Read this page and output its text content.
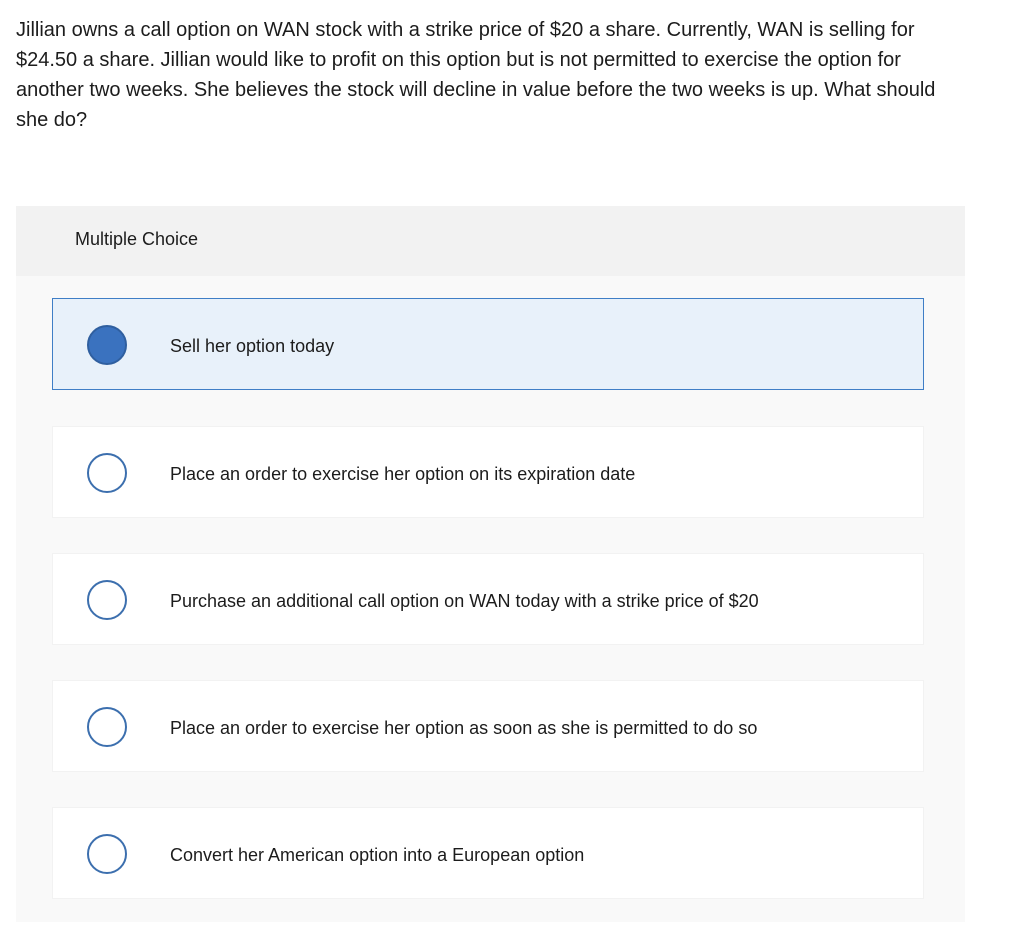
Jillian owns a call option on WAN stock with a strike price of $20 a share. Currently, WAN is selling for $24.50 a share. Jillian would like to profit on this option but is not permitted to exercise the option for another two weeks. She believes the stock will decline in value before the two weeks is up. What should she do?

Multiple Choice
Sell her option today
Place an order to exercise her option on its expiration date
Purchase an additional call option on WAN today with a strike price of $20
Place an order to exercise her option as soon as she is permitted to do so
Convert her American option into a European option
